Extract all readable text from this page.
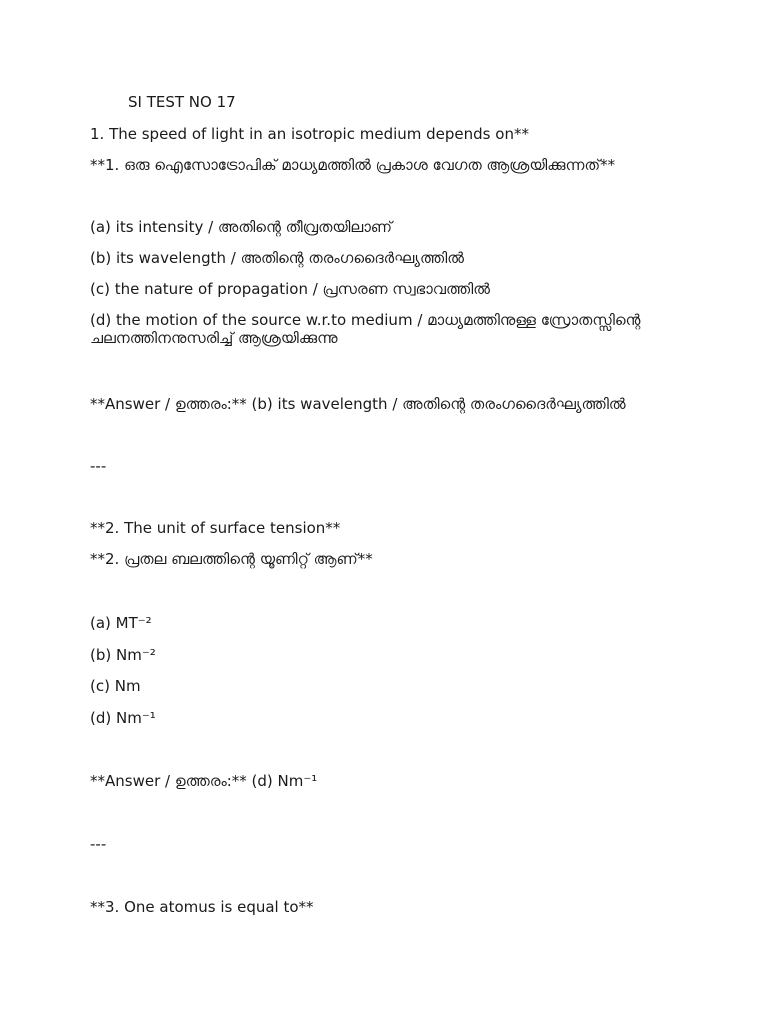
SI TEST NO 17
1. The speed of light in an isotropic medium depends on**
**1. ഒരു ഐസോട്രോപിക് മാധ്യമത്തിൽ പ്രകാശ വേഗത ആശ്രയിക്കുന്നത്**
(a) its intensity / അതിന്റെ തീവ്രതയിലാണ്
(b) its wavelength / അതിന്റെ തരംഗദൈർഘ്യത്തിൽ
(c) the nature of propagation / പ്രസരണ സ്വഭാവത്തിൽ
(d) the motion of the source w.r.to medium / മാധ്യമത്തിനുള്ള സ്രോതസ്സിന്റെ ചലനത്തിനനുസരിച്ച് ആശ്രയിക്കുന്നു
**Answer / ഉത്തരം:** (b) its wavelength / അതിന്റെ തരംഗദൈർഘ്യത്തിൽ
---
**2. The unit of surface tension**
**2. പ്രതല ബലത്തിന്റെ യൂണിറ്റ് ആണ്**
(a) MT⁻²
(b) Nm⁻²
(c) Nm
(d) Nm⁻¹
**Answer / ഉത്തരം:** (d) Nm⁻¹
---
**3. One atomus is equal to**
